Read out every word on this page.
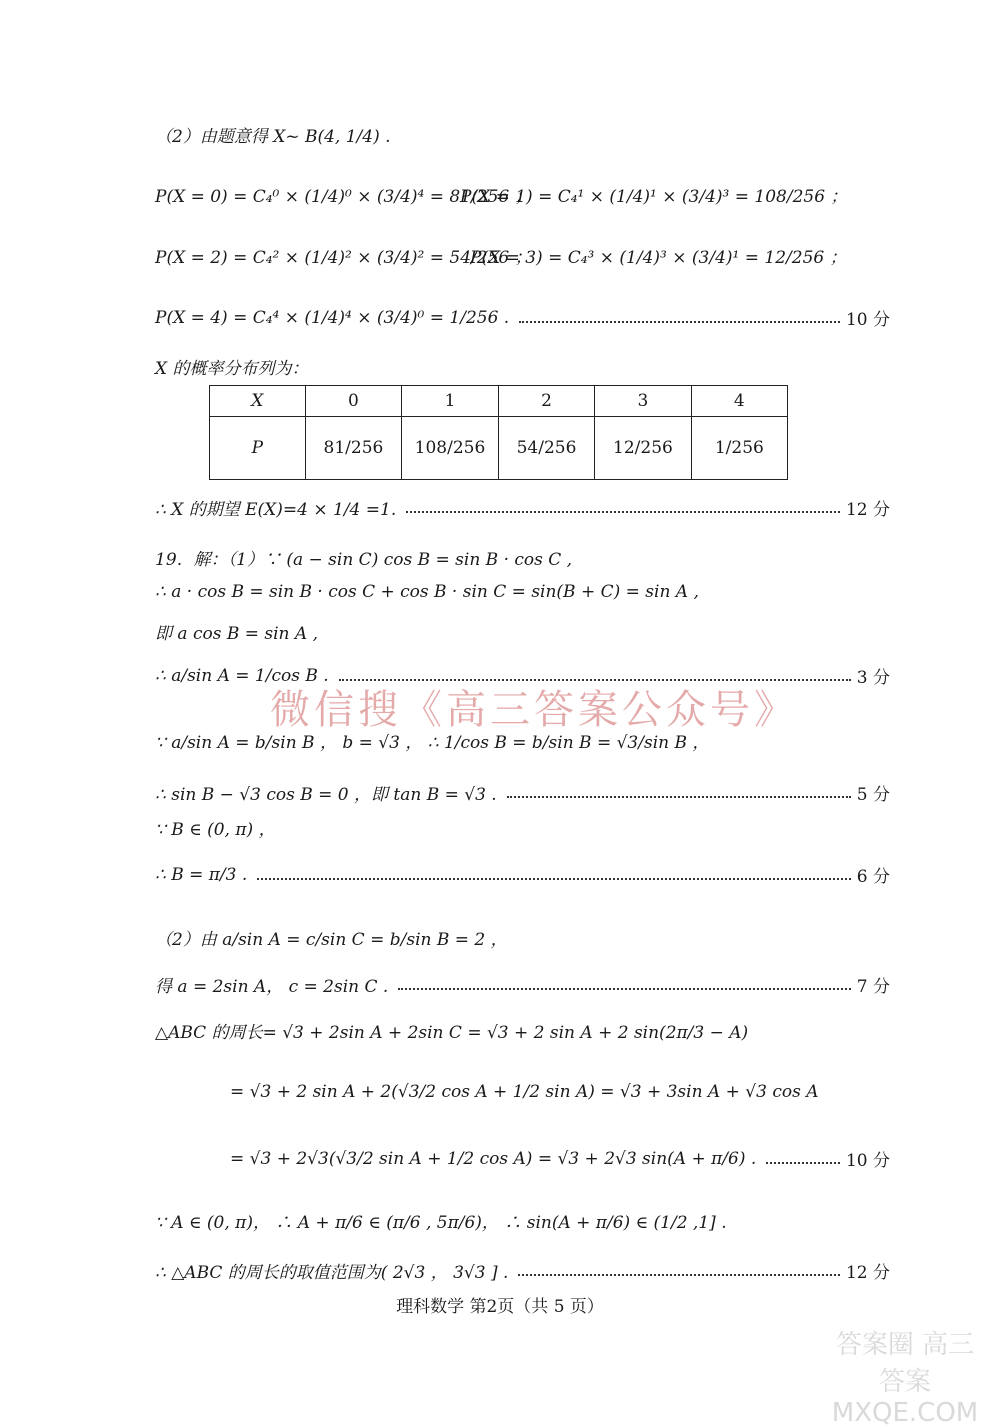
（2）由题意得 X~ B(4, 1/4) .
P(X = 0) = C₄⁰ × (1/4)⁰ × (3/4)⁴ = 81/256 ；
P(X = 1) = C₄¹ × (1/4)¹ × (3/4)³ = 108/256 ；
P(X = 2) = C₄² × (1/4)² × (3/4)² = 54/256 ；
P(X = 3) = C₄³ × (1/4)³ × (3/4)¹ = 12/256 ；
P(X = 4) = C₄⁴ × (1/4)⁴ × (3/4)⁰ = 1/256 .	10 分
X 的概率分布列为：
X	0	1	2	3	4
P	81/256	108/256	54/256	12/256	1/256
∴ X 的期望 E(X)=4 × 1/4 =1.	12 分
19．解：（1）∵ (a − sin C) cos B = sin B · cos C ,
∴ a · cos B = sin B · cos C + cos B · sin C = sin(B + C) = sin A ,
即 a cos B = sin A ,
∴ a/sin A = 1/cos B .	3 分
微信搜《高三答案公众号》
∵ a/sin A = b/sin B ， b = √3 ， ∴ 1/cos B = b/sin B = √3/sin B ，
∴ sin B − √3 cos B = 0 ，即 tan B = √3 .	5 分
∵ B ∈ (0, π) ，
∴ B = π/3 .	6 分
（2）由 a/sin A = c/sin C = b/sin B = 2 ，
得 a = 2sin A， c = 2sin C .	7 分
△ABC 的周长= √3 + 2sin A + 2sin C = √3 + 2 sin A + 2 sin(2π/3 − A)
= √3 + 2 sin A + 2(√3/2 cos A + 1/2 sin A) = √3 + 3sin A + √3 cos A
= √3 + 2√3(√3/2 sin A + 1/2 cos A) = √3 + 2√3 sin(A + π/6) .	10 分
∵ A ∈ (0, π)， ∴ A + π/6 ∈ (π/6 , 5π/6)， ∴ sin(A + π/6) ∈ (1/2 ,1] .
∴ △ABC 的周长的取值范围为( 2√3 ， 3√3 ] .	12 分
理科数学 第2页（共 5 页）
答案圈 高三答案 MXQE.COM
